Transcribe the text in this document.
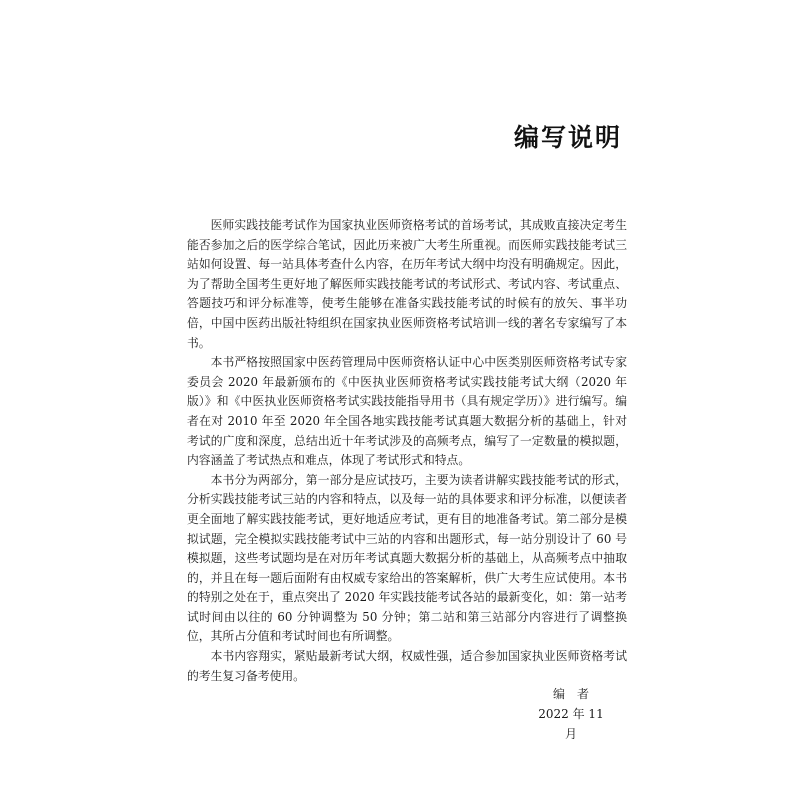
编写说明

医师实践技能考试作为国家执业医师资格考试的首场考试，其成败直接决定考生能否参加之后的医学综合笔试，因此历来被广大考生所重视。而医师实践技能考试三站如何设置、每一站具体考查什么内容，在历年考试大纲中均没有明确规定。因此，为了帮助全国考生更好地了解医师实践技能考试的考试形式、考试内容、考试重点、答题技巧和评分标准等，使考生能够在准备实践技能考试的时候有的放矢、事半功倍，中国中医药出版社特组织在国家执业医师资格考试培训一线的著名专家编写了本书。

本书严格按照国家中医药管理局中医师资格认证中心中医类别医师资格考试专家委员会 2020 年最新颁布的《中医执业医师资格考试实践技能考试大纲（2020 年版）》和《中医执业医师资格考试实践技能指导用书（具有规定学历）》进行编写。编者在对 2010 年至 2020 年全国各地实践技能考试真题大数据分析的基础上，针对考试的广度和深度，总结出近十年考试涉及的高频考点，编写了一定数量的模拟题，内容涵盖了考试热点和难点，体现了考试形式和特点。

本书分为两部分，第一部分是应试技巧，主要为读者讲解实践技能考试的形式，分析实践技能考试三站的内容和特点，以及每一站的具体要求和评分标准，以便读者更全面地了解实践技能考试，更好地适应考试，更有目的地准备考试。第二部分是模拟试题，完全模拟实践技能考试中三站的内容和出题形式，每一站分别设计了 60 号模拟题，这些考试题均是在对历年考试真题大数据分析的基础上，从高频考点中抽取的，并且在每一题后面附有由权威专家给出的答案解析，供广大考生应试使用。本书的特别之处在于，重点突出了 2020 年实践技能考试各站的最新变化，如：第一站考试时间由以往的 60 分钟调整为 50 分钟；第二站和第三站部分内容进行了调整换位，其所占分值和考试时间也有所调整。

本书内容翔实，紧贴最新考试大纲，权威性强，适合参加国家执业医师资格考试的考生复习备考使用。

编者
2022 年 11 月
